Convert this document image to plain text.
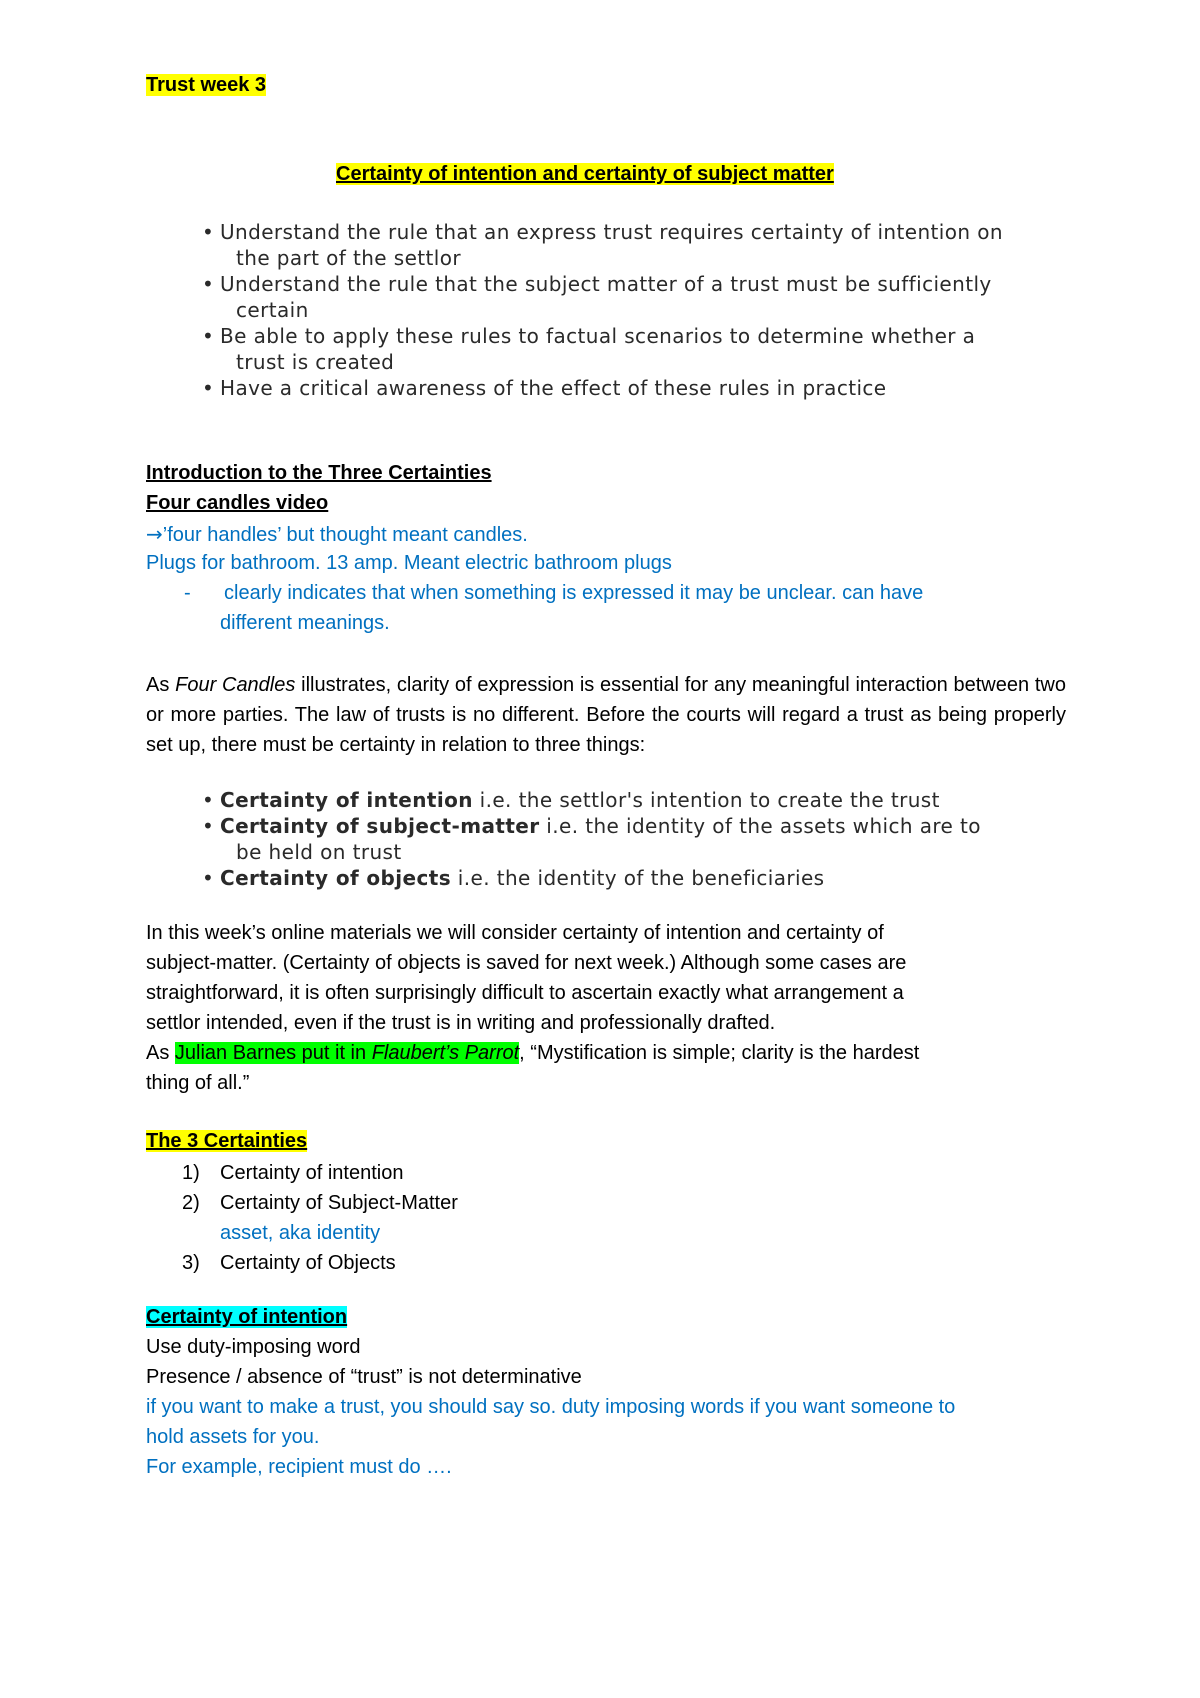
Trust week 3
Certainty of intention and certainty of subject matter
• Understand the rule that an express trust requires certainty of intention on
the part of the settlor
• Understand the rule that the subject matter of a trust must be sufficiently
certain
• Be able to apply these rules to factual scenarios to determine whether a
trust is created
• Have a critical awareness of the effect of these rules in practice
Introduction to the Three Certainties
Four candles video
→’four handles’ but thought meant candles.
Plugs for bathroom. 13 amp. Meant electric bathroom plugs
- clearly indicates that when something is expressed it may be unclear. can have
different meanings.
As Four Candles illustrates, clarity of expression is essential for any meaningful interaction between two or more parties. The law of trusts is no different. Before the courts will regard a trust as being properly set up, there must be certainty in relation to three things:
• Certainty of intention i.e. the settlor's intention to create the trust
• Certainty of subject-matter i.e. the identity of the assets which are to
be held on trust
• Certainty of objects i.e. the identity of the beneficiaries
In this week’s online materials we will consider certainty of intention and certainty of
subject-matter. (Certainty of objects is saved for next week.) Although some cases are
straightforward, it is often surprisingly difficult to ascertain exactly what arrangement a
settlor intended, even if the trust is in writing and professionally drafted.
As Julian Barnes put it in Flaubert’s Parrot, “Mystification is simple; clarity is the hardest
thing of all.”
The 3 Certainties
1) Certainty of intention
2) Certainty of Subject-Matter
asset, aka identity
3) Certainty of Objects
Certainty of intention
Use duty-imposing word
Presence / absence of “trust” is not determinative
if you want to make a trust, you should say so. duty imposing words if you want someone to
hold assets for you.
For example, recipient must do ….
